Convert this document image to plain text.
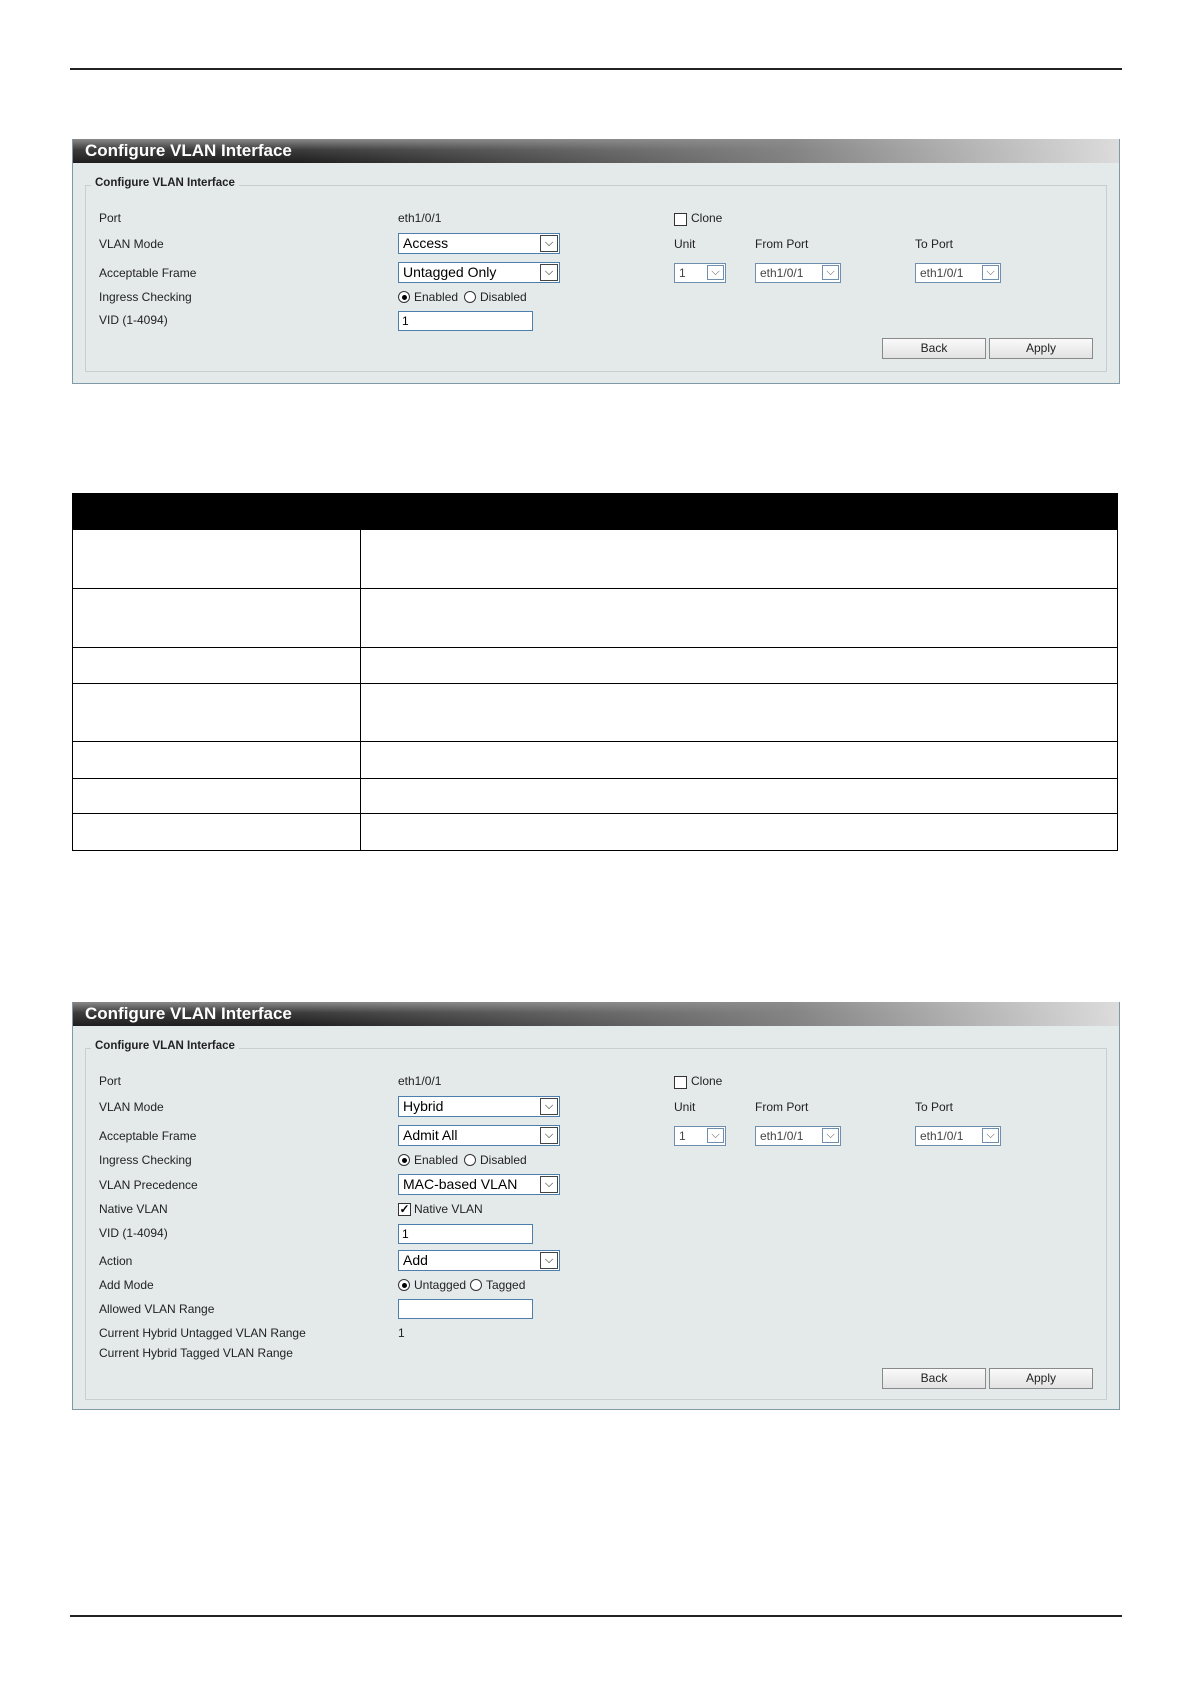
Configure VLAN Interface
Configure VLAN Interface
Port	eth1/0/1
VLAN Mode	Access	⌵
Acceptable Frame	Untagged Only	⌵
Ingress Checking	Enabled Disabled
VID (1-4094)	1
Clone
Unit	From Port	To Port
1	⌵	eth1/0/1	⌵	eth1/0/1	⌵
Back	Apply

Configure VLAN Interface
Configure VLAN Interface
Port	eth1/0/1
VLAN Mode	Hybrid	⌵
Acceptable Frame	Admit All	⌵
Ingress Checking	Enabled Disabled
VLAN Precedence	MAC-based VLAN	⌵
Native VLAN	✓ Native VLAN
VID (1-4094)	1
Action	Add	⌵
Add Mode	Untagged Tagged
Allowed VLAN Range
Current Hybrid Untagged VLAN Range	1
Current Hybrid Tagged VLAN Range
Clone
Unit	From Port	To Port
1	⌵	eth1/0/1	⌵	eth1/0/1	⌵
Back	Apply
